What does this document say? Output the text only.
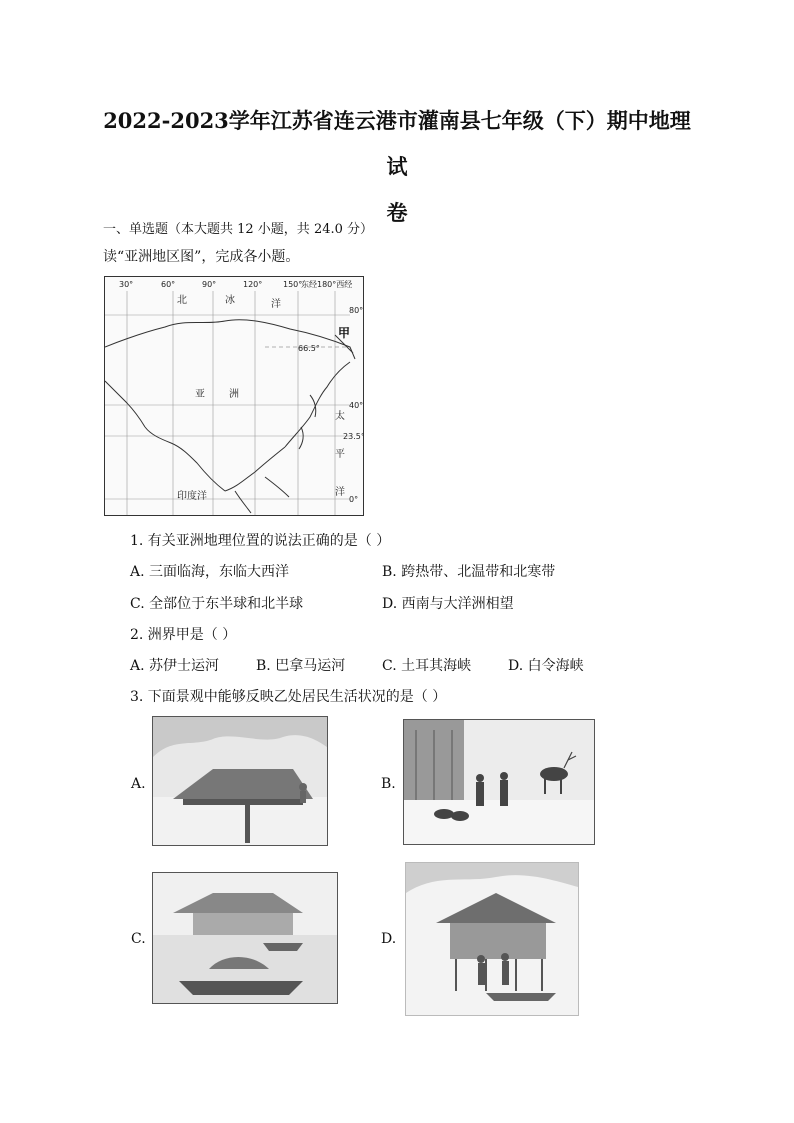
2022-2023学年江苏省连云港市灌南县七年级（下）期中地理试
卷
一、单选题（本大题共 12 小题，共 24.0 分）
读“亚洲地区图”，完成各小题。
30°	60°	90°	120°	150°
东经180°西经
80°
66.5°
40°
23.5°
0°
北	冰	洋
亚 洲
太
平
洋
印度洋
甲
1. 有关亚洲地理位置的说法正确的是（ ）
A. 三面临海，东临大西洋	B. 跨热带、北温带和北寒带
C. 全部位于东半球和北半球	D. 西南与大洋洲相望
2. 洲界甲是（ ）
A. 苏伊士运河	B. 巴拿马运河	C. 土耳其海峡	D. 白令海峡
3. 下面景观中能够反映乙处居民生活状况的是（ ）
A.	B.
C.	D.
